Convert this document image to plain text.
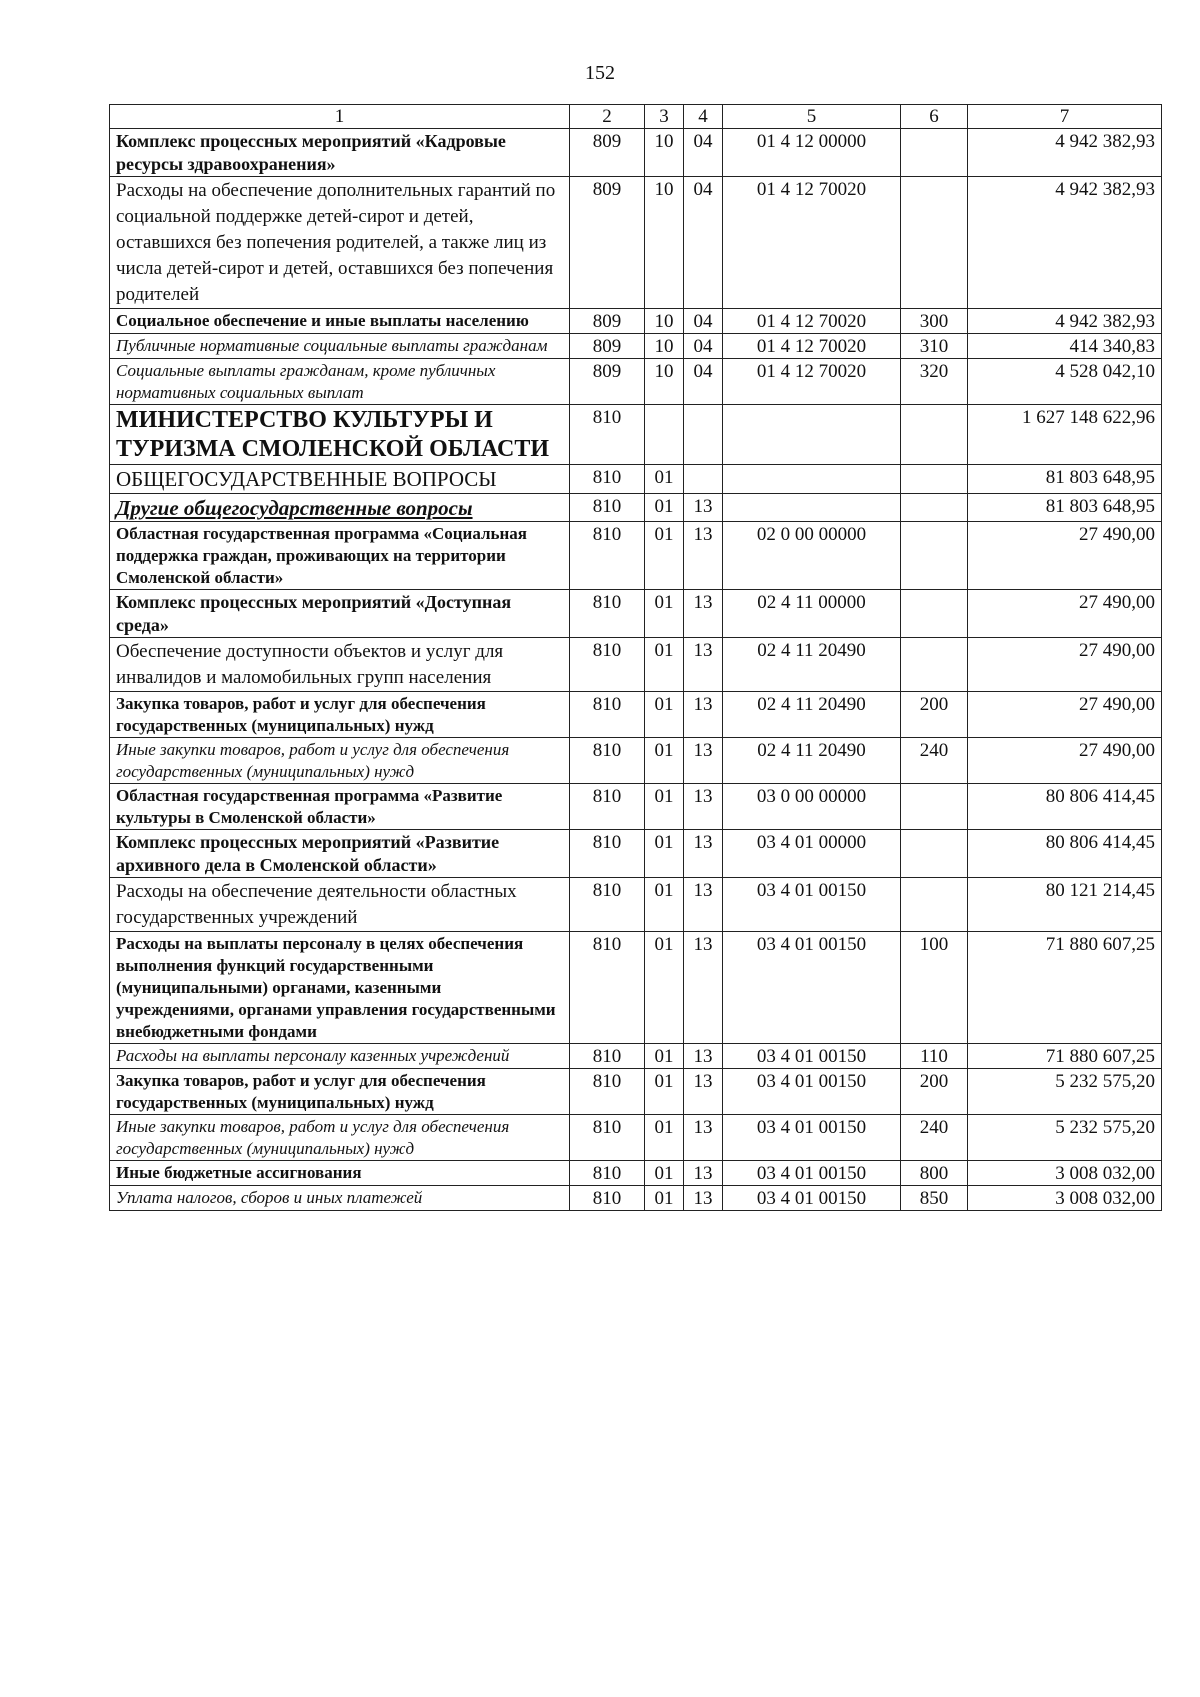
152
1	2	3	4	5	6	7
Комплекс процессных мероприятий «Кадровые ресурсы здравоохранения»	809	10	04	01 4 12 00000		4 942 382,93
Расходы на обеспечение дополнительных гарантий по социальной поддержке детей-сирот и детей, оставшихся без попечения родителей, а также лиц из числа детей-сирот и детей, оставшихся без попечения родителей	809	10	04	01 4 12 70020		4 942 382,93
Социальное обеспечение и иные выплаты населению	809	10	04	01 4 12 70020	300	4 942 382,93
Публичные нормативные социальные выплаты гражданам	809	10	04	01 4 12 70020	310	414 340,83
Социальные выплаты гражданам, кроме публичных нормативных социальных выплат	809	10	04	01 4 12 70020	320	4 528 042,10
МИНИСТЕРСТВО КУЛЬТУРЫ И ТУРИЗМА СМОЛЕНСКОЙ ОБЛАСТИ	810					1 627 148 622,96
ОБЩЕГОСУДАРСТВЕННЫЕ ВОПРОСЫ	810	01				81 803 648,95
Другие общегосударственные вопросы	810	01	13			81 803 648,95
Областная государственная программа «Социальная поддержка граждан, проживающих на территории Смоленской области»	810	01	13	02 0 00 00000		27 490,00
Комплекс процессных мероприятий «Доступная среда»	810	01	13	02 4 11 00000		27 490,00
Обеспечение доступности объектов и услуг для инвалидов и маломобильных групп населения	810	01	13	02 4 11 20490		27 490,00
Закупка товаров, работ и услуг для обеспечения государственных (муниципальных) нужд	810	01	13	02 4 11 20490	200	27 490,00
Иные закупки товаров, работ и услуг для обеспечения государственных (муниципальных) нужд	810	01	13	02 4 11 20490	240	27 490,00
Областная государственная программа «Развитие культуры в Смоленской области»	810	01	13	03 0 00 00000		80 806 414,45
Комплекс процессных мероприятий «Развитие архивного дела в Смоленской области»	810	01	13	03 4 01 00000		80 806 414,45
Расходы на обеспечение деятельности областных государственных учреждений	810	01	13	03 4 01 00150		80 121 214,45
Расходы на выплаты персоналу в целях обеспечения выполнения функций государственными (муниципальными) органами, казенными учреждениями, органами управления государственными внебюджетными фондами	810	01	13	03 4 01 00150	100	71 880 607,25
Расходы на выплаты персоналу казенных учреждений	810	01	13	03 4 01 00150	110	71 880 607,25
Закупка товаров, работ и услуг для обеспечения государственных (муниципальных) нужд	810	01	13	03 4 01 00150	200	5 232 575,20
Иные закупки товаров, работ и услуг для обеспечения государственных (муниципальных) нужд	810	01	13	03 4 01 00150	240	5 232 575,20
Иные бюджетные ассигнования	810	01	13	03 4 01 00150	800	3 008 032,00
Уплата налогов, сборов и иных платежей	810	01	13	03 4 01 00150	850	3 008 032,00
